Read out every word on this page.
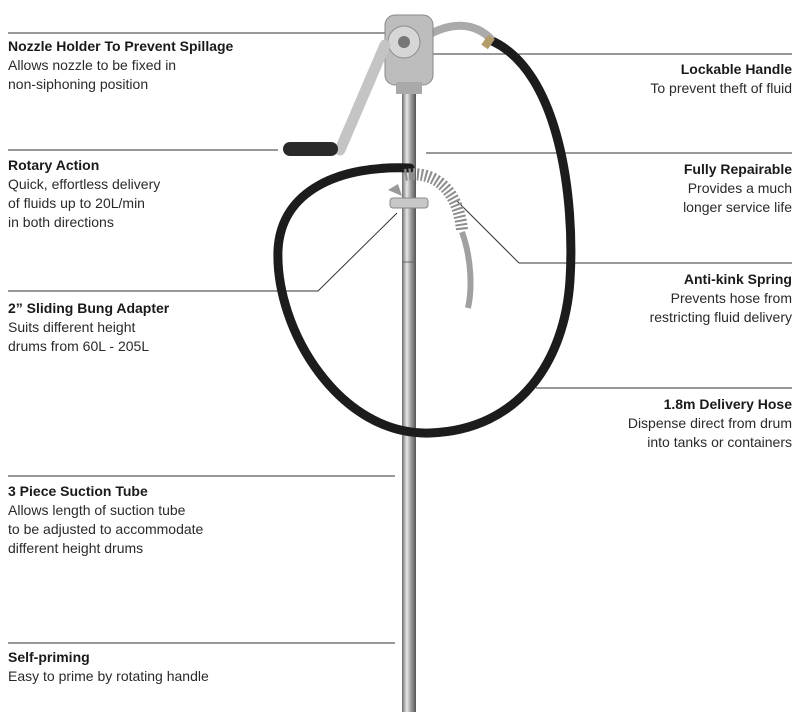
Nozzle Holder To Prevent Spillage
Allows nozzle to be fixed in
non-siphoning position
Rotary Action
Quick, effortless delivery
of fluids up to 20L/min
in both directions
2” Sliding Bung Adapter
Suits different height
drums from 60L - 205L
3 Piece Suction Tube
Allows length of suction tube
to be adjusted to accommodate
different height drums
Self-priming
Easy to prime by rotating handle
Lockable Handle
To prevent theft of fluid
Fully Repairable
Provides a much
longer service life
Anti-kink Spring
Prevents hose from
restricting fluid delivery
1.8m Delivery Hose
Dispense direct from drum
into tanks or containers
